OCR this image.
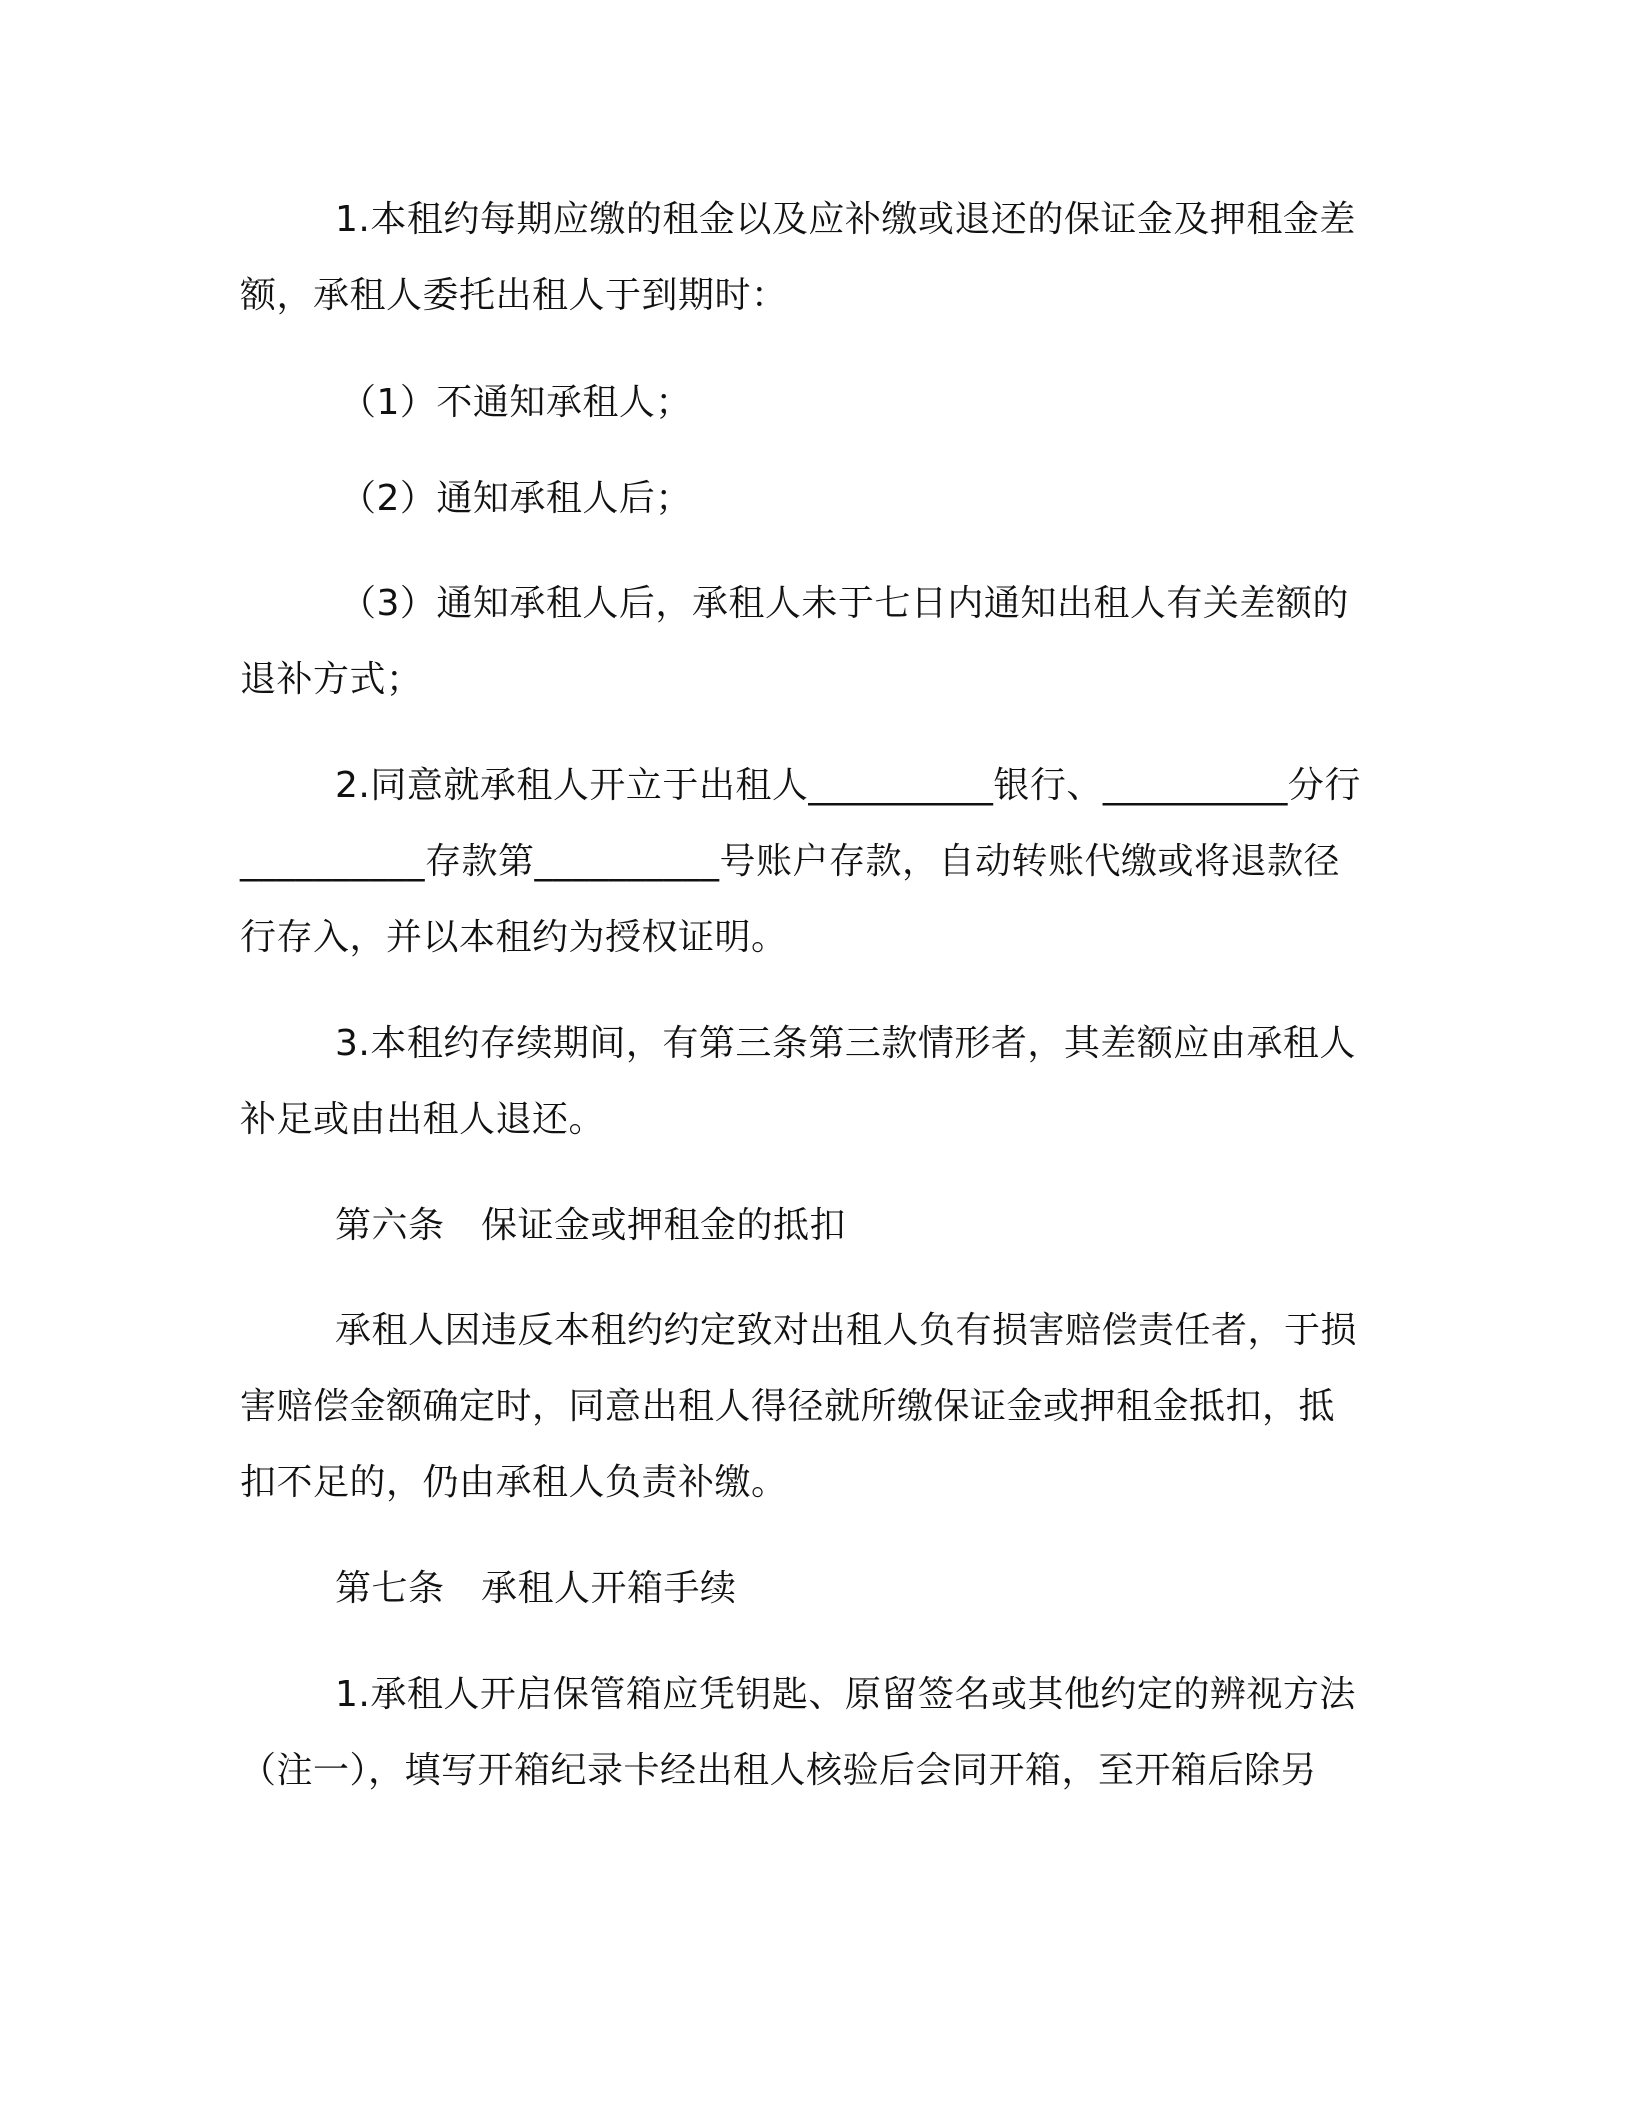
1.本租约每期应缴的租金以及应补缴或退还的保证金及押租金差
额，承租人委托出租人于到期时：
（1）不通知承租人；
（2）通知承租人后；
（3）通知承租人后，承租人未于七日内通知出租人有关差额的
退补方式；
2.同意就承租人开立于出租人__________银行、__________分行
__________存款第__________号账户存款，自动转账代缴或将退款径
行存入，并以本租约为授权证明。
3.本租约存续期间，有第三条第三款情形者，其差额应由承租人
补足或由出租人退还。
第六条　保证金或押租金的抵扣
承租人因违反本租约约定致对出租人负有损害赔偿责任者，于损
害赔偿金额确定时，同意出租人得径就所缴保证金或押租金抵扣，抵
扣不足的，仍由承租人负责补缴。
第七条　承租人开箱手续
1.承租人开启保管箱应凭钥匙、原留签名或其他约定的辨视方法
（注一），填写开箱纪录卡经出租人核验后会同开箱，至开箱后除另
